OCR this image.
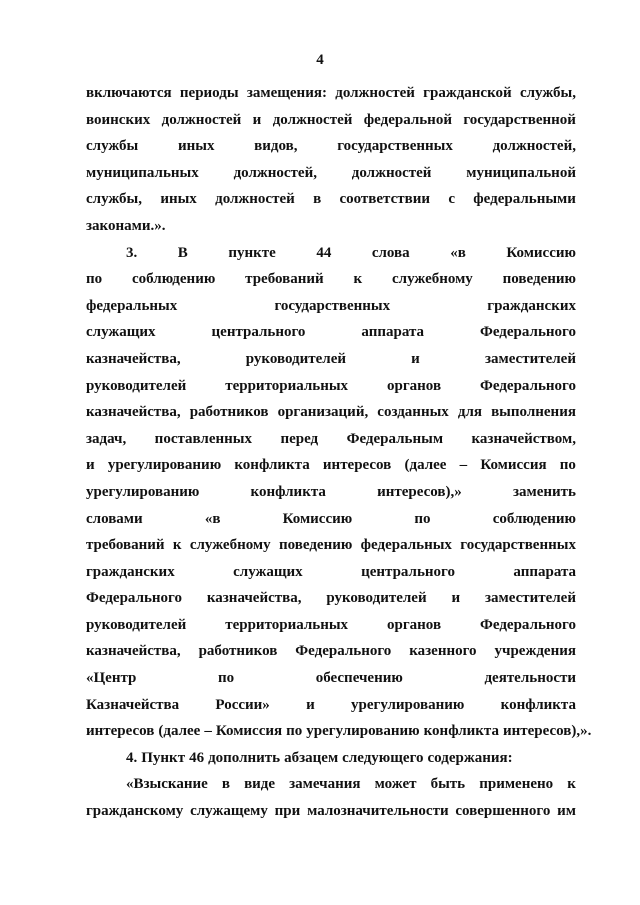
4
включаются периоды замещения: должностей гражданской службы,
воинских должностей и должностей федеральной государственной
службы	иных	видов,	государственных	должностей,
муниципальных должностей, должностей муниципальной
службы, иных должностей в соответствии с федеральными
законами.».
3.	В	пункте	44	слова	«в	Комиссию
по соблюдению требований к служебному поведению
федеральных	государственных	гражданских
служащих	центрального	аппарата	Федерального
казначейства,	руководителей	и	заместителей
руководителей	территориальных	органов	Федерального
казначейства, работников организаций, созданных для выполнения
задач, поставленных перед Федеральным казначейством,
и урегулированию конфликта интересов (далее – Комиссия по
урегулированию	конфликта	интересов),»	заменить
словами	«в	Комиссию	по	соблюдению
требований к служебному поведению федеральных государственных
гражданских	служащих	центрального	аппарата
Федерального казначейства, руководителей и заместителей
руководителей	территориальных	органов	Федерального
казначейства, работников Федерального казенного учреждения
«Центр	по	обеспечению	деятельности
Казначейства России» и урегулированию конфликта
интересов (далее – Комиссия по урегулированию конфликта интересов),».
4. Пункт 46 дополнить абзацем следующего содержания:
«Взыскание в виде замечания может быть применено к
гражданскому служащему при малозначительности совершенного им
